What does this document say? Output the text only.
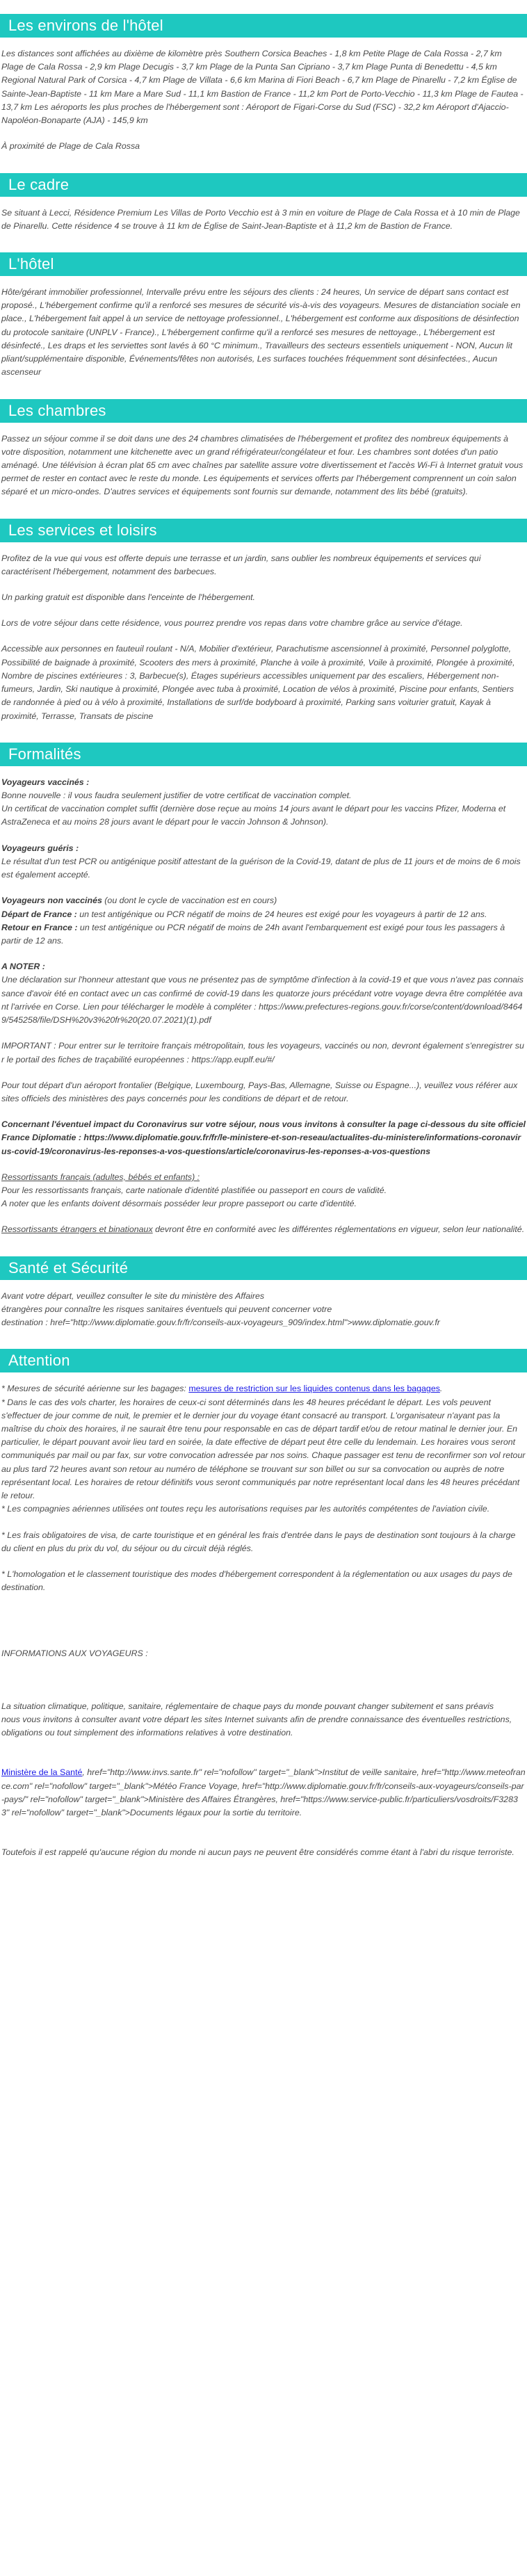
Les environs de l'hôtel

Les distances sont affichées au dixième de kilomètre près Southern Corsica Beaches - 1,8 km Petite Plage de Cala Rossa - 2,7 km Plage de Cala Rossa - 2,9 km Plage Decugis - 3,7 km Plage de la Punta San Cipriano - 3,7 km Plage Punta di Benedettu - 4,5 km Regional Natural Park of Corsica - 4,7 km Plage de Villata - 6,6 km Marina di Fiori Beach - 6,7 km Plage de Pinarellu - 7,2 km Église de Sainte-Jean-Baptiste - 11 km Mare a Mare Sud - 11,1 km Bastion de France - 11,2 km Port de Porto-Vecchio - 11,3 km Plage de Fautea - 13,7 km Les aéroports les plus proches de l'hébergement sont : Aéroport de Figari-Corse du Sud (FSC) - 32,2 km Aéroport d'Ajaccio-Napoléon-Bonaparte (AJA) - 145,9 km

À proximité de Plage de Cala Rossa

Le cadre

Se situant à Lecci, Résidence Premium Les Villas de Porto Vecchio est à 3 min en voiture de Plage de Cala Rossa et à 10 min de Plage de Pinarellu. Cette résidence 4 se trouve à 11 km de Église de Saint-Jean-Baptiste et à 11,2 km de Bastion de France.

L'hôtel

Hôte/gérant immobilier professionnel, Intervalle prévu entre les séjours des clients : 24 heures, Un service de départ sans contact est proposé., L'hébergement confirme qu'il a renforcé ses mesures de sécurité vis-à-vis des voyageurs. Mesures de distanciation sociale en place., L'hébergement fait appel à un service de nettoyage professionnel., L'hébergement est conforme aux dispositions de désinfection du protocole sanitaire (UNPLV - France)., L'hébergement confirme qu'il a renforcé ses mesures de nettoyage., L'hébergement est désinfecté., Les draps et les serviettes sont lavés à 60 °C minimum., Travailleurs des secteurs essentiels uniquement - NON, Aucun lit pliant/supplémentaire disponible, Événements/fêtes non autorisés, Les surfaces touchées fréquemment sont désinfectées., Aucun ascenseur

Les chambres

Passez un séjour comme il se doit dans une des 24 chambres climatisées de l'hébergement et profitez des nombreux équipements à votre disposition, notamment une kitchenette avec un grand réfrigérateur/congélateur et four. Les chambres sont dotées d'un patio aménagé. Une télévision à écran plat 65 cm avec chaînes par satellite assure votre divertissement et l'accès Wi-Fi à Internet gratuit vous permet de rester en contact avec le reste du monde. Les équipements et services offerts par l'hébergement comprennent un coin salon séparé et un micro-ondes. D'autres services et équipements sont fournis sur demande, notamment des lits bébé (gratuits).

Les services et loisirs

Profitez de la vue qui vous est offerte depuis une terrasse et un jardin, sans oublier les nombreux équipements et services qui caractérisent l'hébergement, notamment des barbecues.

Un parking gratuit est disponible dans l'enceinte de l'hébergement.

Lors de votre séjour dans cette résidence, vous pourrez prendre vos repas dans votre chambre grâce au service d'étage.

Accessible aux personnes en fauteuil roulant - N/A, Mobilier d'extérieur, Parachutisme ascensionnel à proximité, Personnel polyglotte, Possibilité de baignade à proximité, Scooters des mers à proximité, Planche à voile à proximité, Voile à proximité, Plongée à proximité, Nombre de piscines extérieures : 3, Barbecue(s), Étages supérieurs accessibles uniquement par des escaliers, Hébergement non-fumeurs, Jardin, Ski nautique à proximité, Plongée avec tuba à proximité, Location de vélos à proximité, Piscine pour enfants, Sentiers de randonnée à pied ou à vélo à proximité, Installations de surf/de bodyboard à proximité, Parking sans voiturier gratuit, Kayak à proximité, Terrasse, Transats de piscine

Formalités

Voyageurs vaccinés :

Bonne nouvelle : il vous faudra seulement justifier de votre certificat de vaccination complet.

Un certificat de vaccination complet suffit (dernière dose reçue au moins 14 jours avant le départ pour les vaccins Pfizer, Moderna et AstraZeneca et au moins 28 jours avant le départ pour le vaccin Johnson & Johnson).

Voyageurs guéris :

Le résultat d'un test PCR ou antigénique positif attestant de la guérison de la Covid-19, datant de plus de 11 jours et de moins de 6 mois est également accepté.

Voyageurs non vaccinés (ou dont le cycle de vaccination est en cours)

Départ de France : un test antigénique ou PCR négatif de moins de 24 heures est exigé pour les voyageurs à partir de 12 ans.

Retour en France : un test antigénique ou PCR négatif de moins de 24h avant l'embarquement est exigé pour tous les passagers à partir de 12 ans.

A NOTER :

Une déclaration sur l'honneur attestant que vous ne présentez pas de symptôme d'infection à la covid-19 et que vous n'avez pas connaissance d'avoir été en contact avec un cas confirmé de covid-19 dans les quatorze jours précédant votre voyage devra être complétée avant l'arrivée en Corse. Lien pour télécharger le modèle à compléter : https://www.prefectures-regions.gouv.fr/corse/content/download/84649/545258/file/DSH%20v3%20fr%20(20.07.2021)(1).pdf

IMPORTANT : Pour entrer sur le territoire français métropolitain, tous les voyageurs, vaccinés ou non, devront également s'enregistrer sur le portail des fiches de traçabilité européennes : https://app.euplf.eu/#/

Pour tout départ d'un aéroport frontalier (Belgique, Luxembourg, Pays-Bas, Allemagne, Suisse ou Espagne...), veuillez vous référer aux sites officiels des ministères des pays concernés pour les conditions de départ et de retour.

Concernant l'éventuel impact du Coronavirus sur votre séjour, nous vous invitons à consulter la page ci-dessous du site officiel France Diplomatie : https://www.diplomatie.gouv.fr/fr/le-ministere-et-son-reseau/actualites-du-ministere/informations-coronavirus-covid-19/coronavirus-les-reponses-a-vos-questions/article/coronavirus-les-reponses-a-vos-questions

Ressortissants français (adultes, bébés et enfants) :

Pour les ressortissants français, carte nationale d'identité plastifiée ou passeport en cours de validité.

A noter que les enfants doivent désormais posséder leur propre passeport ou carte d'identité.

Ressortissants étrangers et binationaux devront être en conformité avec les différentes réglementations en vigueur, selon leur nationalité.

Santé et Sécurité

Avant votre départ, veuillez consulter le site du ministère des Affaires

étrangères pour connaître les risques sanitaires éventuels qui peuvent concerner votre

destination : href="http://www.diplomatie.gouv.fr/fr/conseils-aux-voyageurs_909/index.html">www.diplomatie.gouv.fr

Attention

* Mesures de sécurité aérienne sur les bagages: mesures de restriction sur les liquides contenus dans les bagages.

* Dans le cas des vols charter, les horaires de ceux-ci sont déterminés dans les 48 heures précédant le départ. Les vols peuvent s'effectuer de jour comme de nuit, le premier et le dernier jour du voyage étant consacré au transport. L'organisateur n'ayant pas la maîtrise du choix des horaires, il ne saurait être tenu pour responsable en cas de départ tardif et/ou de retour matinal le dernier jour. En particulier, le départ pouvant avoir lieu tard en soirée, la date effective de départ peut être celle du lendemain. Les horaires vous seront communiqués par mail ou par fax, sur votre convocation adressée par nos soins. Chaque passager est tenu de reconfirmer son vol retour au plus tard 72 heures avant son retour au numéro de téléphone se trouvant sur son billet ou sur sa convocation ou auprès de notre représentant local. Les horaires de retour définitifs vous seront communiqués par notre représentant local dans les 48 heures précédant le retour.

* Les compagnies aériennes utilisées ont toutes reçu les autorisations requises par les autorités compétentes de l'aviation civile.

* Les frais obligatoires de visa, de carte touristique et en général les frais d'entrée dans le pays de destination sont toujours à la charge du client en plus du prix du vol, du séjour ou du circuit déjà réglés.

* L'homologation et le classement touristique des modes d'hébergement correspondent à la réglementation ou aux usages du pays de destination.

INFORMATIONS AUX VOYAGEURS :

La situation climatique, politique, sanitaire, réglementaire de chaque pays du monde pouvant changer subitement et sans préavis

nous vous invitons à consulter avant votre départ les sites Internet suivants afin de prendre connaissance des éventuelles restrictions, obligations ou tout simplement des informations relatives à votre destination.

Ministère de la Santé, href="http://www.invs.sante.fr" rel="nofollow" target="_blank">Institut de veille sanitaire, href="http://www.meteofrance.com" rel="nofollow" target="_blank">Météo France Voyage, href="http://www.diplomatie.gouv.fr/fr/conseils-aux-voyageurs/conseils-par-pays/" rel="nofollow" target="_blank">Ministère des Affaires Étrangères, href="https://www.service-public.fr/particuliers/vosdroits/F32833" rel="nofollow" target="_blank">Documents légaux pour la sortie du territoire.

Toutefois il est rappelé qu'aucune région du monde ni aucun pays ne peuvent être considérés comme étant à l'abri du risque terroriste.
